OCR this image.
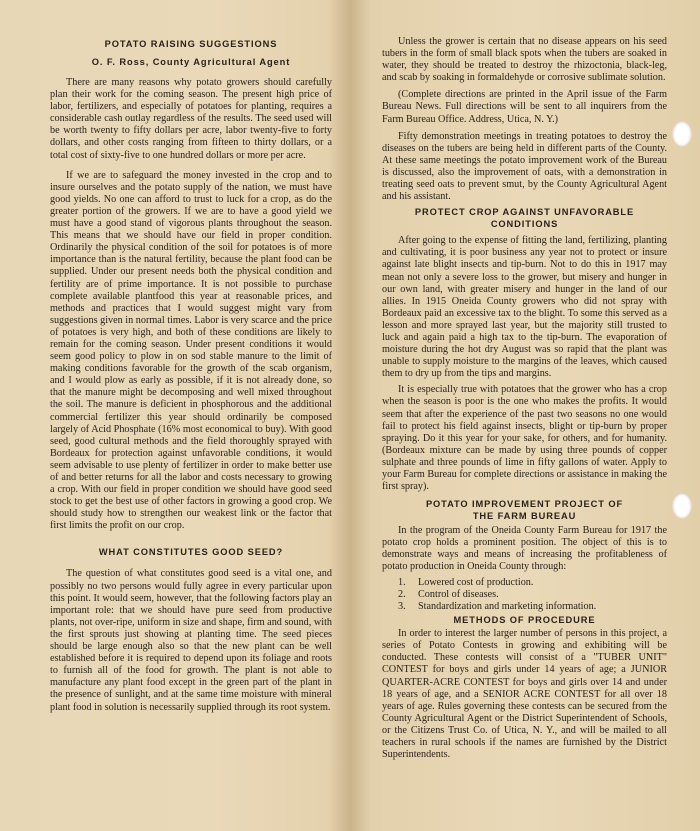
POTATO RAISING SUGGESTIONS
O. F. Ross, County Agricultural Agent
There are many reasons why potato growers should carefully plan their work for the coming season. The present high price of labor, fertilizers, and especially of potatoes for planting, requires a considerable cash outlay regardless of the results. The seed used will be worth twenty to fifty dollars per acre, labor twenty-five to forty dollars, and other costs ranging from fifteen to thirty dollars, or a total cost of sixty-five to one hundred dollars or more per acre.
If we are to safeguard the money invested in the crop and to insure ourselves and the potato supply of the nation, we must have good yields. No one can afford to trust to luck for a crop, as do the greater portion of the growers. If we are to have a good yield we must have a good stand of vigorous plants throughout the season. This means that we should have our field in proper condition. Ordinarily the physical condition of the soil for potatoes is of more importance than is the natural fertility, because the plant food can be supplied. Under our present needs both the physical condition and fertility are of prime importance. It is not possible to purchase complete available plantfood this year at reasonable prices, and methods and practices that I would suggest might vary from suggestions given in normal times. Labor is very scarce and the price of potatoes is very high, and both of these conditions are likely to remain for the coming season. Under present conditions it would seem good policy to plow in on sod stable manure to the limit of making conditions favorable for the growth of the scab organism, and I would plow as early as possible, if it is not already done, so that the manure might be decomposing and well mixed throughout the soil. The manure is deficient in phosphorous and the additional commercial fertilizer this year should ordinarily be composed largely of Acid Phosphate (16% most economical to buy). With good seed, good cultural methods and the field thoroughly sprayed with Bordeaux for protection against unfavorable conditions, it would seem advisable to use plenty of fertilizer in order to make better use of and better returns for all the labor and costs necessary to growing a crop. With our field in proper condition we should have good seed stock to get the best use of other factors in growing a good crop. We should study how to strengthen our weakest link or the factor that first limits the profit on our crop.
WHAT CONSTITUTES GOOD SEED?
The question of what constitutes good seed is a vital one, and possibly no two persons would fully agree in every particular upon this point. It would seem, however, that the following factors play an important role: that we should have pure seed from productive plants, not over-ripe, uniform in size and shape, firm and sound, with the first sprouts just showing at planting time. The seed pieces should be large enough also so that the new plant can be well established before it is required to depend upon its foliage and roots to furnish all of the food for growth. The plant is not able to manufacture any plant food except in the green part of the plant in the presence of sunlight, and at the same time moisture with mineral plant food in solution is necessarily supplied through its root system.
Unless the grower is certain that no disease appears on his seed tubers in the form of small black spots when the tubers are soaked in water, they should be treated to destroy the rhizoctonia, black-leg, and scab by soaking in formaldehyde or corrosive sublimate solution.
(Complete directions are printed in the April issue of the Farm Bureau News. Full directions will be sent to all inquirers from the Farm Bureau Office. Address, Utica, N. Y.)
Fifty demonstration meetings in treating potatoes to destroy the diseases on the tubers are being held in different parts of the County. At these same meetings the potato improvement work of the Bureau is discussed, also the improvement of oats, with a demonstration in treating seed oats to prevent smut, by the County Agricultural Agent and his assistant.
PROTECT CROP AGAINST UNFAVORABLE CONDITIONS
After going to the expense of fitting the land, fertilizing, planting and cultivating, it is poor business any year not to protect or insure against late blight insects and tip-burn. Not to do this in 1917 may mean not only a severe loss to the grower, but misery and hunger in our own land, with greater misery and hunger in the land of our allies. In 1915 Oneida County growers who did not spray with Bordeaux paid an excessive tax to the blight. To some this served as a lesson and more sprayed last year, but the majority still trusted to luck and again paid a high tax to the tip-burn. The evaporation of moisture during the hot dry August was so rapid that the plant was unable to supply moisture to the margins of the leaves, which caused them to dry up from the tips and margins.
It is especially true with potatoes that the grower who has a crop when the season is poor is the one who makes the profits. It would seem that after the experience of the past two seasons no one would fail to protect his field against insects, blight or tip-burn by proper spraying. Do it this year for your sake, for others, and for humanity. (Bordeaux mixture can be made by using three pounds of copper sulphate and three pounds of lime in fifty gallons of water. Apply to your Farm Bureau for complete directions or assistance in making the first spray).
POTATO IMPROVEMENT PROJECT OF THE FARM BUREAU
In the program of the Oneida County Farm Bureau for 1917 the potato crop holds a prominent position. The object of this is to demonstrate ways and means of increasing the profitableness of potato production in Oneida County through:
1. Lowered cost of production.
2. Control of diseases.
3. Standardization and marketing information.
METHODS OF PROCEDURE
In order to interest the larger number of persons in this project, a series of Potato Contests in growing and exhibiting will be conducted. These contests will consist of a "TUBER UNIT" CONTEST for boys and girls under 14 years of age; a JUNIOR QUARTER-ACRE CONTEST for boys and girls over 14 and under 18 years of age, and a SENIOR ACRE CONTEST for all over 18 years of age. Rules governing these contests can be secured from the County Agricultural Agent or the District Superintendent of Schools, or the Citizens Trust Co. of Utica, N. Y., and will be mailed to all teachers in rural schools if the names are furnished by the District Superintendents.
